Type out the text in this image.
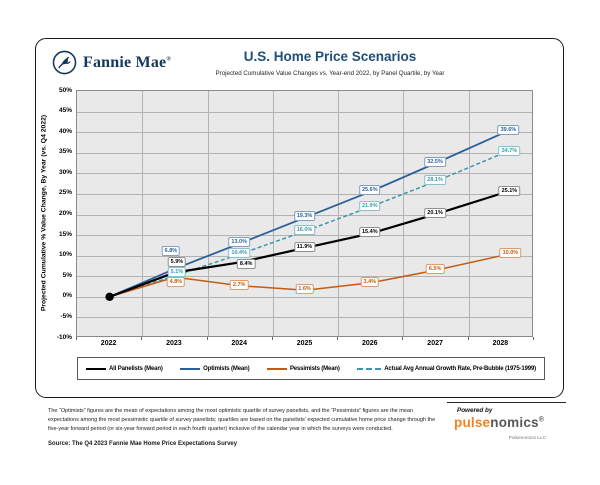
Fannie Mae®	U.S. Home Price Scenarios
Projected Cumulative Value Changes vs. Year-end 2022, by Panel Quartile, by Year
Projected Cumulative % Value Change, By Year (vs. Q4 2022)
All Panelists (Mean)	Optimists (Mean)	Pessimists (Mean)	Actual Avg Annual Growth Rate, Pre-Bubble (1975-1999)
The “Optimists” figures are the mean of expectations among the most optimistic quartile of survey panelists, and the “Pessimists” figures are the mean expectations among the most pessimistic quartile of survey panelists; quartiles are based on the panelists’ expected cumulative home price change through the five-year forward period (or six-year forward period in each fourth quarter) inclusive of the calendar year in which the surveys were conducted.
Source: The Q4 2023 Fannie Mae Home Price Expectations Survey
Powered by
pulsenomics®
Pulsenomics LLC
50%
45%
40%
35%
30%
25%
20%
15%
10%
5%
0%
-5%
-10%
2022	2023	2024	2025	2026	2027	2028
5.9%	8.4%
11.9%
15.4%
20.1%
25.1%
6.8%
13.0%
19.3%
25.6%
32.5%
39.6%
4.8%	2.7%
1.6%
3.4%
6.5%
10.0%
5.1%
10.4%
16.0%
21.9%
28.1%
34.7%
